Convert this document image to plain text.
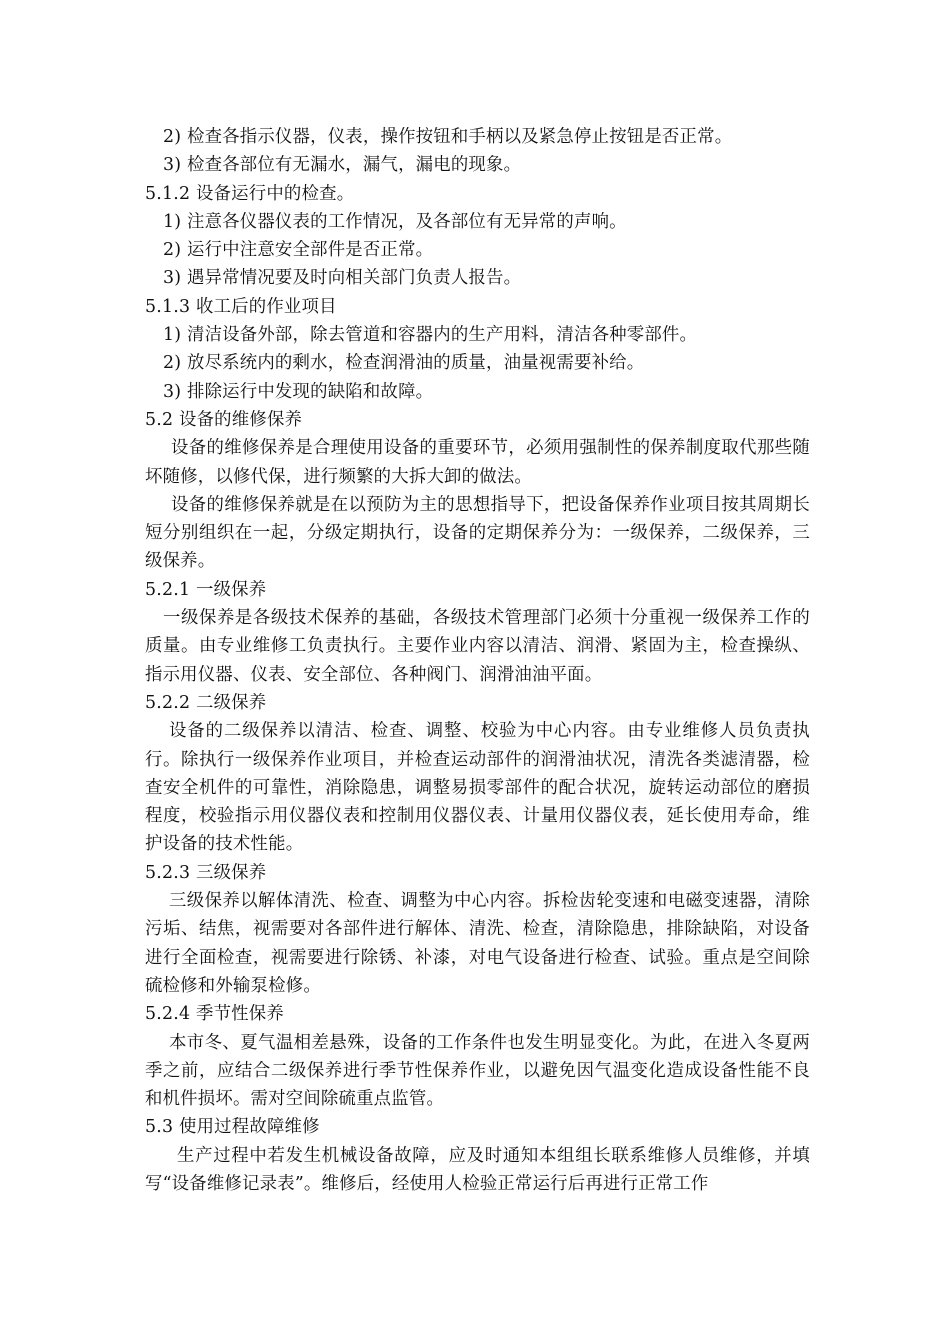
2) 检查各指示仪器，仪表，操作按钮和手柄以及紧急停止按钮是否正常。

3) 检查各部位有无漏水，漏气，漏电的现象。

5.1.2 设备运行中的检查。

1) 注意各仪器仪表的工作情况，及各部位有无异常的声响。

2) 运行中注意安全部件是否正常。

3) 遇异常情况要及时向相关部门负责人报告。

5.1.3 收工后的作业项目

1) 清洁设备外部，除去管道和容器内的生产用料，清洁各种零部件。

2) 放尽系统内的剩水，检查润滑油的质量，油量视需要补给。

3) 排除运行中发现的缺陷和故障。

5.2 设备的维修保养

设备的维修保养是合理使用设备的重要环节，必须用强制性的保养制度取代那些随坏随修，以修代保，进行频繁的大拆大卸的做法。

设备的维修保养就是在以预防为主的思想指导下，把设备保养作业项目按其周期长短分别组织在一起，分级定期执行，设备的定期保养分为：一级保养，二级保养，三级保养。

5.2.1 一级保养

一级保养是各级技术保养的基础，各级技术管理部门必须十分重视一级保养工作的质量。由专业维修工负责执行。主要作业内容以清洁、润滑、紧固为主，检查操纵、指示用仪器、仪表、安全部位、各种阀门、润滑油油平面。

5.2.2 二级保养

设备的二级保养以清洁、检查、调整、校验为中心内容。由专业维修人员负责执行。除执行一级保养作业项目，并检查运动部件的润滑油状况，清洗各类滤清器，检查安全机件的可靠性，消除隐患，调整易损零部件的配合状况，旋转运动部位的磨损程度，校验指示用仪器仪表和控制用仪器仪表、计量用仪器仪表，延长使用寿命，维护设备的技术性能。

5.2.3 三级保养

三级保养以解体清洗、检查、调整为中心内容。拆检齿轮变速和电磁变速器，清除污垢、结焦，视需要对各部件进行解体、清洗、检查，清除隐患，排除缺陷，对设备进行全面检查，视需要进行除锈、补漆，对电气设备进行检查、试验。重点是空间除硫检修和外输泵检修。

5.2.4 季节性保养

本市冬、夏气温相差悬殊，设备的工作条件也发生明显变化。为此，在进入冬夏两季之前，应结合二级保养进行季节性保养作业，以避免因气温变化造成设备性能不良和机件损坏。需对空间除硫重点监管。

5.3 使用过程故障维修

生产过程中若发生机械设备故障，应及时通知本组组长联系维修人员维修，并填写“设备维修记录表”。维修后，经使用人检验正常运行后再进行正常工作
